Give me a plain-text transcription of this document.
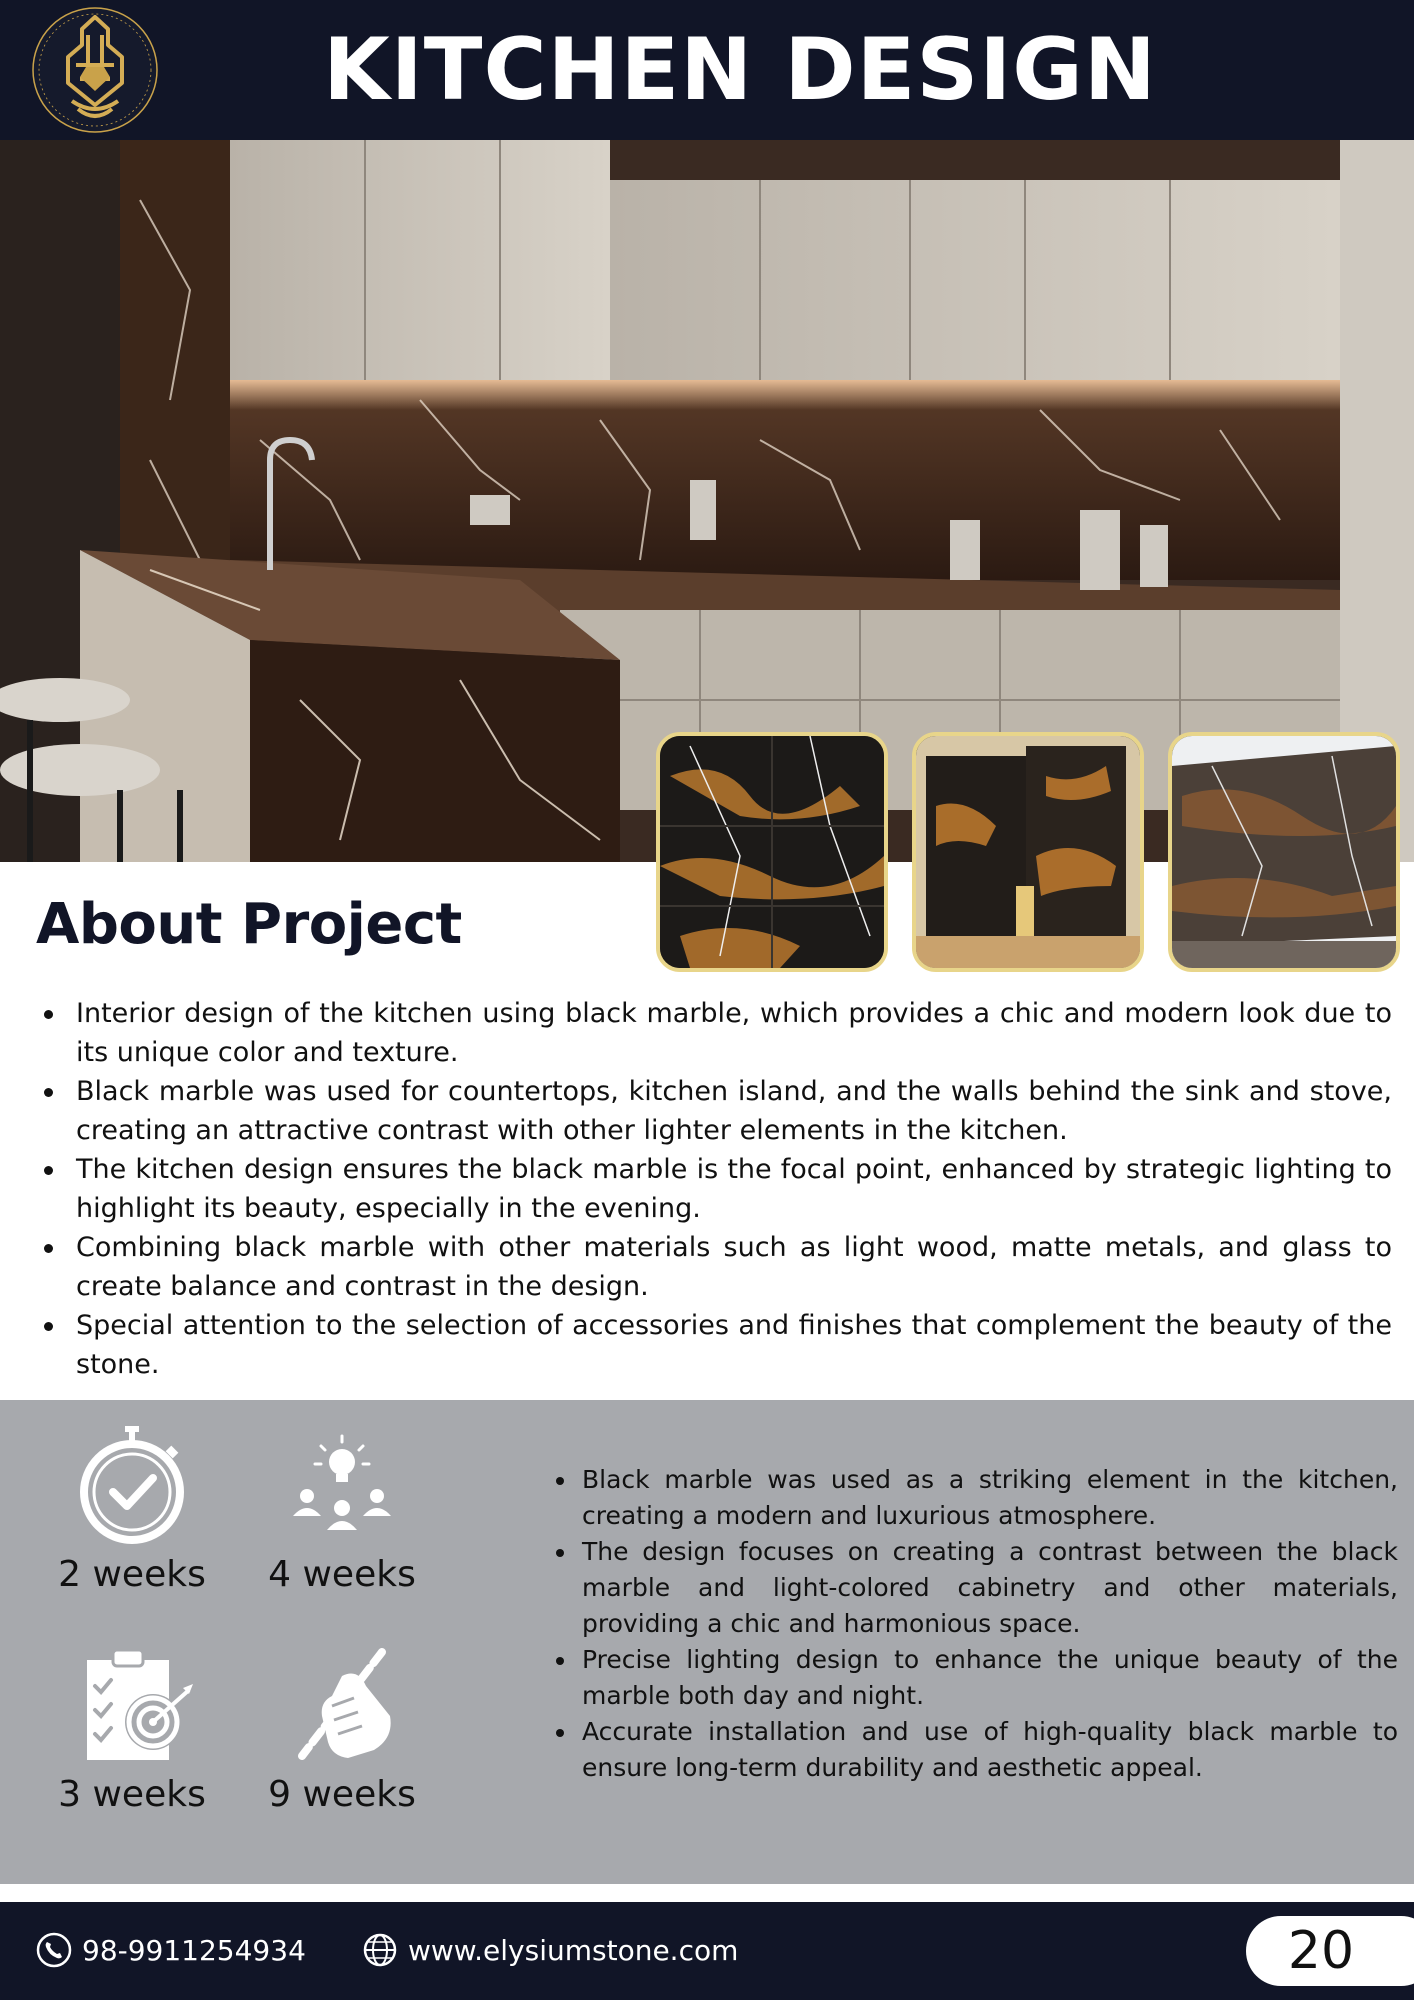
KITCHEN DESIGN
About Project
Interior design of the kitchen using black marble, which provides a chic and modern look due to its unique color and texture.
Black marble was used for countertops, kitchen island, and the walls behind the sink and stove, creating an attractive contrast with other lighter elements in the kitchen.
The kitchen design ensures the black marble is the focal point, enhanced by strategic lighting to highlight its beauty, especially in the evening.
Combining black marble with other materials such as light wood, matte metals, and glass to create balance and contrast in the design.
Special attention to the selection of accessories and finishes that complement the beauty of the stone.
2 weeks	4 weeks
3 weeks	9 weeks
Black marble was used as a striking element in the kitchen, creating a modern and luxurious atmosphere.
The design focuses on creating a contrast between the black marble and light-colored cabinetry and other materials, providing a chic and harmonious space.
Precise lighting design to enhance the unique beauty of the marble both day and night.
Accurate installation and use of high-quality black marble to ensure long-term durability and aesthetic appeal.
98-9911254934	www.elysiumstone.com	20
